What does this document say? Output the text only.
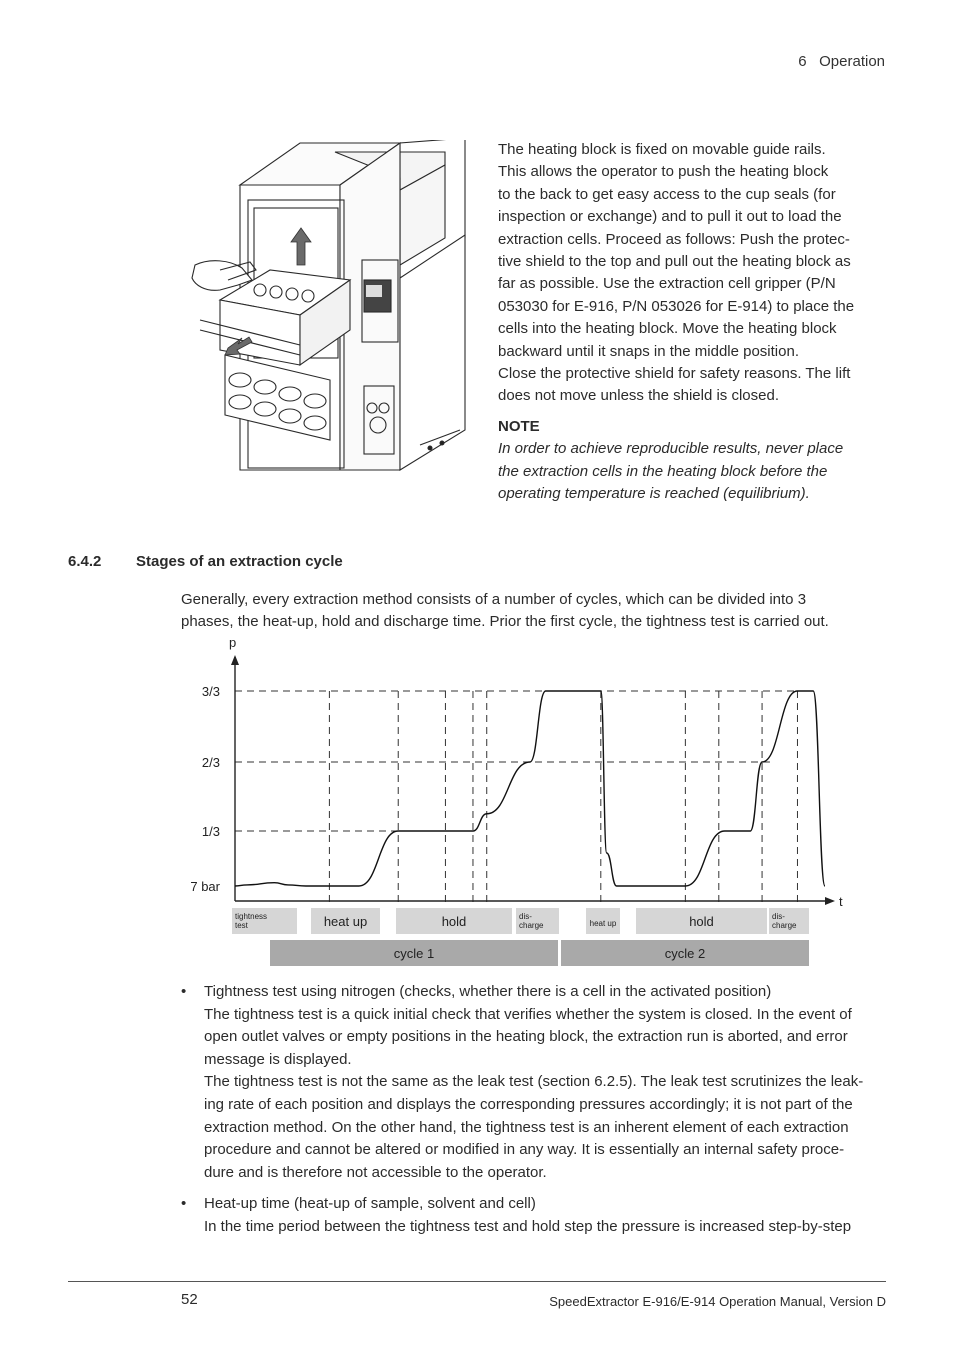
6 Operation

The heating block is fixed on movable guide rails.
This allows the operator to push the heating block
to the back to get easy access to the cup seals (for
inspection or exchange) and to pull it out to load the
extraction cells. Proceed as follows: Push the protec-
tive shield to the top and pull out the heating block as
far as possible. Use the extraction cell gripper (P/N
053030 for E-916, P/N 053026 for E-914) to place the
cells into the heating block. Move the heating block
backward until it snaps in the middle position.
Close the protective shield for safety reasons. The lift
does not move unless the shield is closed.

NOTE

In order to achieve reproducible results, never place
the extraction cells in the heating block before the
operating temperature is reached (equilibrium).

6.4.2 Stages of an extraction cycle
Generally, every extraction method consists of a number of cycles, which can be divided into 3
phases, the heat-up, hold and discharge time. Prior the first cycle, the tightness test is carried out.
tightness
test	heat up	hold	dis-
charge	heat up	hold	dis-
charge
cycle 1	cycle 2
7 bar
1/3
2/3
3/3
p
t
• Tightness test using nitrogen (checks, whether there is a cell in the activated position)
The tightness test is a quick initial check that verifies whether the system is closed. In the event of
open outlet valves or empty positions in the heating block, the extraction run is aborted, and error
message is displayed.

The tightness test is not the same as the leak test (section 6.2.5). The leak test scrutinizes the leak-
ing rate of each position and displays the corresponding pressures accordingly; it is not part of the
extraction method. On the other hand, the tightness test is an inherent element of each extraction
procedure and cannot be altered or modified in any way. It is essentially an internal safety proce-
dure and is therefore not accessible to the operator.

• Heat-up time (heat-up of sample, solvent and cell)
In the time period between the tightness test and hold step the pressure is increased step-by-step

52	SpeedExtractor E-916/E-914 Operation Manual, Version D
